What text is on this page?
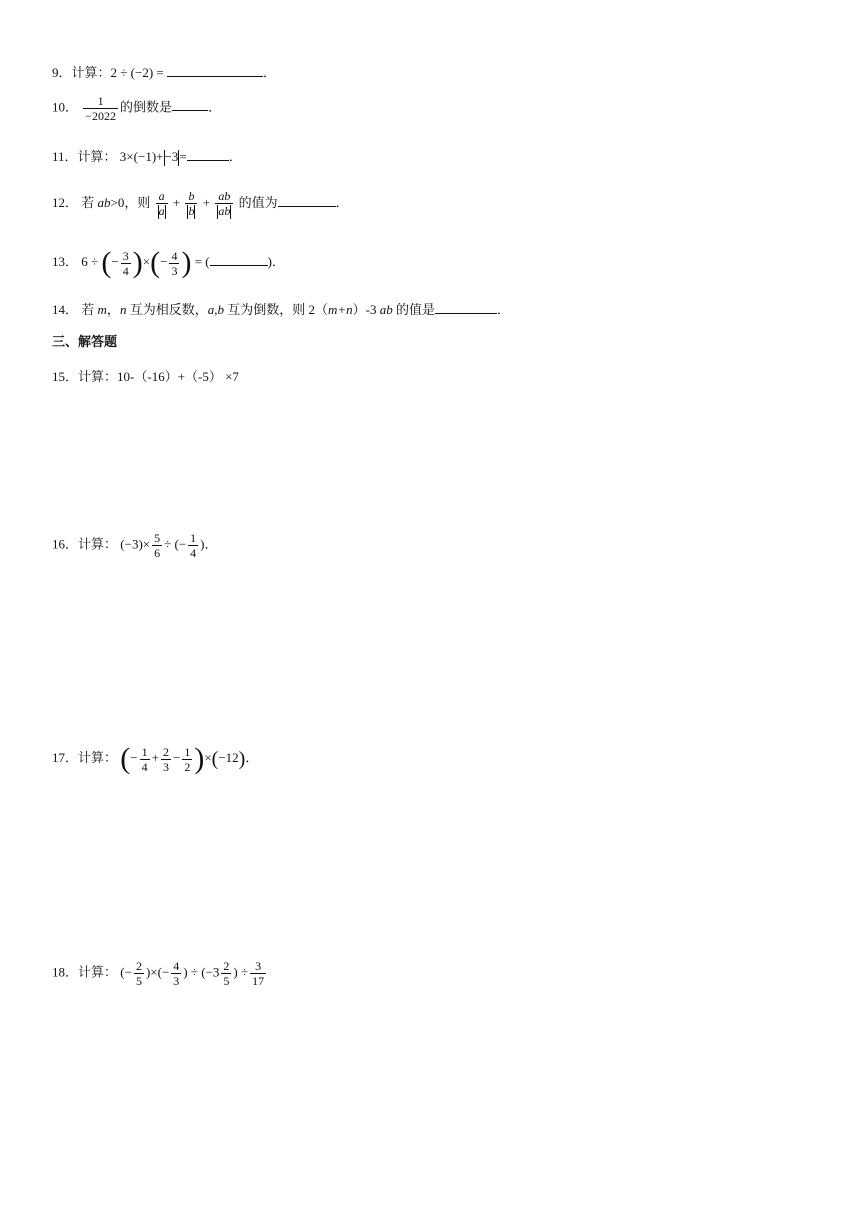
9．计算：2 ÷ (−2) =	．
10． $\frac{1}{-2022}$ 的倒数是	．
11．计算： 3×(−1)+−3=	．
12． 若 ab>0，则 $\frac{a}{a} + \frac{b}{b} + \frac{ab}{ab}$ 的值为	．
13． 6 ÷ (− $\frac{3}{4}$ )×(− $\frac{4}{3}$ ) = (	)．
14． 若 m，n 互为相反数，a,b 互为倒数，则 2（m+n）-3 ab 的值是	．
三、解答题
15．计算：10-（-16）+（-5） ×7
16．计算： $(-3)\times \frac{5}{6}$ ÷ (− $\frac{1}{4}$ )．
17．计算： (− $\frac{1}{4} + \frac{2}{3} - \frac{1}{2} )\times(-12)$．
18．计算： (− $\frac{2}{5}$ )×(− $\frac{4}{3}$ ) ÷ ($-3 \frac{2}{5}$ ) ÷ $\frac{3}{17}$
